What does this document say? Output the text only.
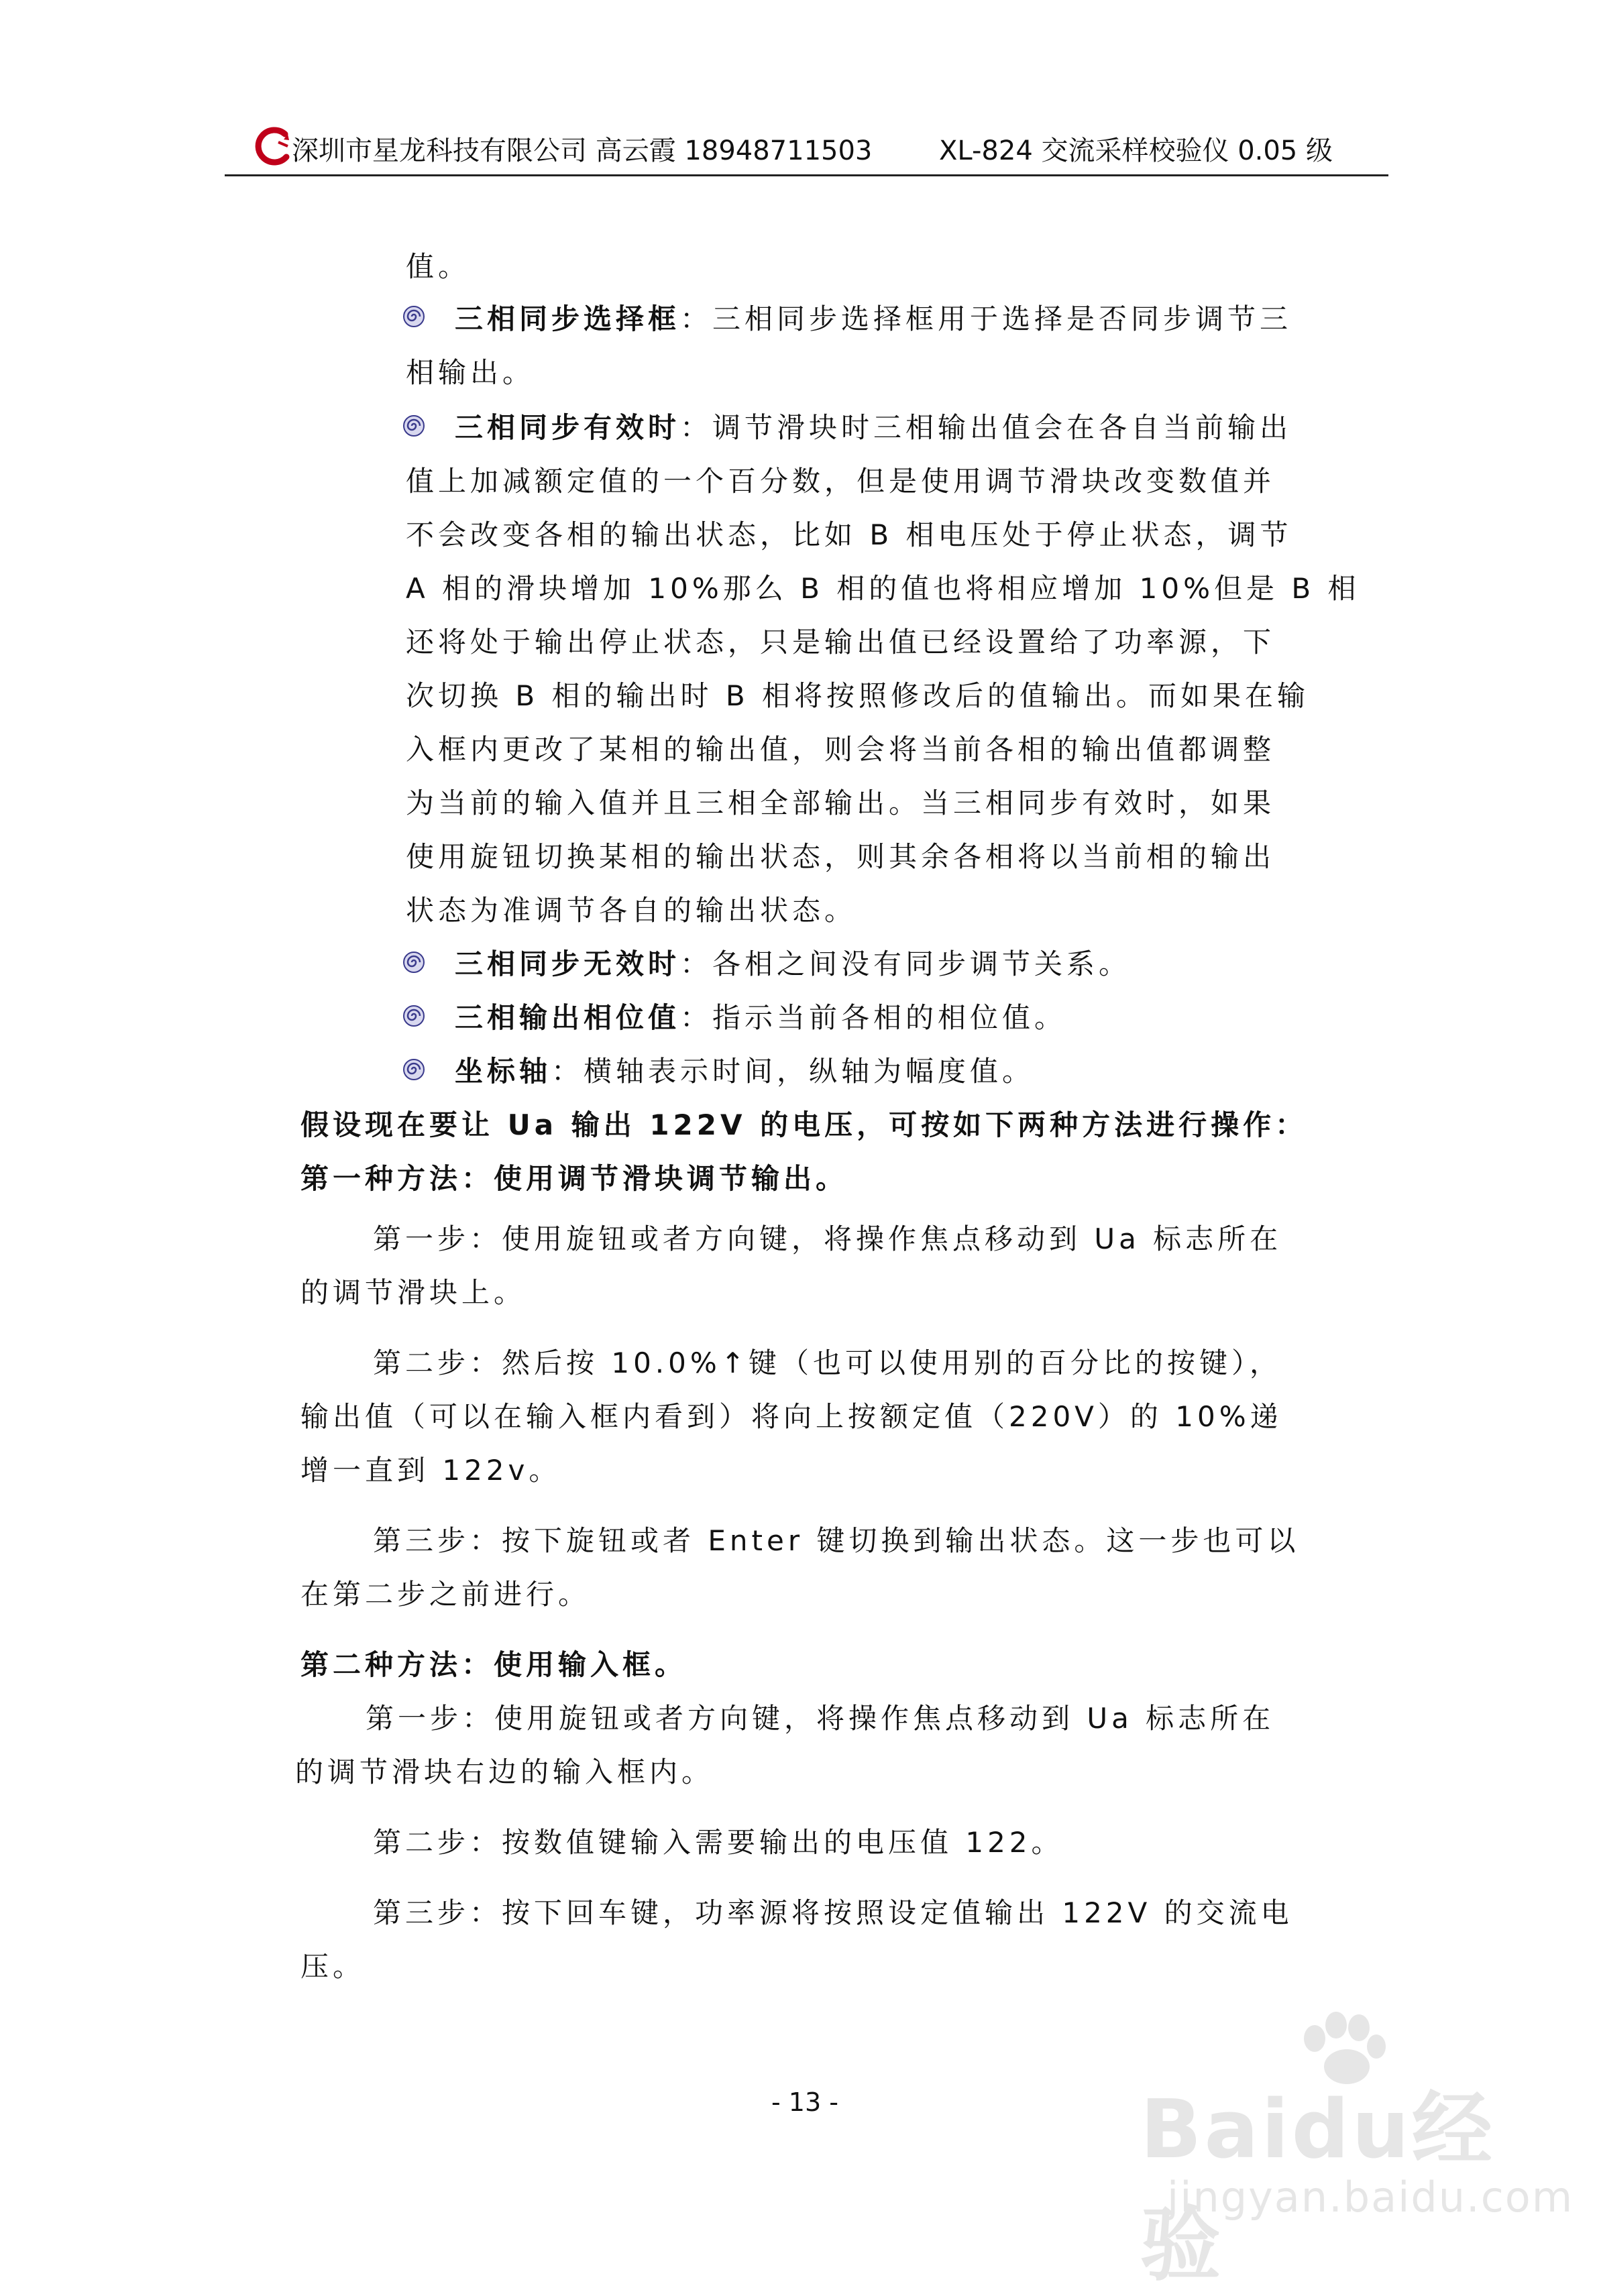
深圳市星龙科技有限公司 高云霞 18948711503 XL-824 交流采样校验仪 0.05 级
值。
三相同步选择框：三相同步选择框用于选择是否同步调节三
相输出。
三相同步有效时：调节滑块时三相输出值会在各自当前输出
值上加减额定值的一个百分数，但是使用调节滑块改变数值并
不会改变各相的输出状态，比如 B 相电压处于停止状态，调节
A 相的滑块增加 10%那么 B 相的值也将相应增加 10%但是 B 相
还将处于输出停止状态，只是输出值已经设置给了功率源，下
次切换 B 相的输出时 B 相将按照修改后的值输出。而如果在输
入框内更改了某相的输出值，则会将当前各相的输出值都调整
为当前的输入值并且三相全部输出。当三相同步有效时，如果
使用旋钮切换某相的输出状态，则其余各相将以当前相的输出
状态为准调节各自的输出状态。
三相同步无效时：各相之间没有同步调节关系。
三相输出相位值：指示当前各相的相位值。
坐标轴：横轴表示时间，纵轴为幅度值。
假设现在要让 Ua 输出 122V 的电压，可按如下两种方法进行操作：
第一种方法：使用调节滑块调节输出。
第一步：使用旋钮或者方向键，将操作焦点移动到 Ua 标志所在
的调节滑块上。
第二步：然后按 10.0%↑键（也可以使用别的百分比的按键），
输出值（可以在输入框内看到）将向上按额定值（220V）的 10%递
增一直到 122v。
第三步：按下旋钮或者 Enter 键切换到输出状态。这一步也可以
在第二步之前进行。
第二种方法：使用输入框。
第一步：使用旋钮或者方向键，将操作焦点移动到 Ua 标志所在
的调节滑块右边的输入框内。
第二步：按数值键输入需要输出的电压值 122。
第三步：按下回车键，功率源将按照设定值输出 122V 的交流电
压。
- 13 -	Baidu经验
jingyan.baidu.com
